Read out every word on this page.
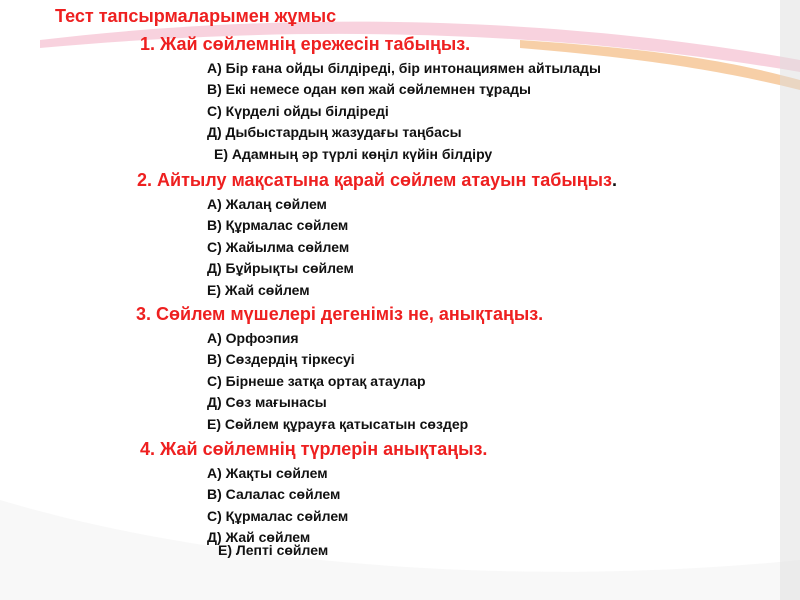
Тест тапсырмаларымен жұмыс
1. Жай сөйлемнің ережесін табыңыз.
А) Бір ғана ойды білдіреді, бір интонациямен айтылады
В) Екі немесе одан көп жай сөйлемнен тұрады
С) Күрделі ойды білдіреді
Д) Дыбыстардың жазудағы таңбасы
Е) Адамның әр түрлі көңіл күйін білдіру
2. Айтылу мақсатына қарай сөйлем атауын табыңыз.
А) Жалаң сөйлем
В) Құрмалас сөйлем
С) Жайылма сөйлем
Д) Бұйрықты сөйлем
Е) Жай сөйлем
3. Сөйлем мүшелері дегеніміз не, анықтаңыз.
А) Орфоэпия
В) Сөздердің тіркесуі
С) Бірнеше затқа ортақ атаулар
Д) Сөз мағынасы
Е) Сөйлем құрауға қатысатын сөздер
4. Жай сөйлемнің түрлерін анықтаңыз.
А) Жақты сөйлем
В) Салалас сөйлем
С) Құрмалас сөйлем
Д) Жай сөйлем
Е) Лепті сөйлем
